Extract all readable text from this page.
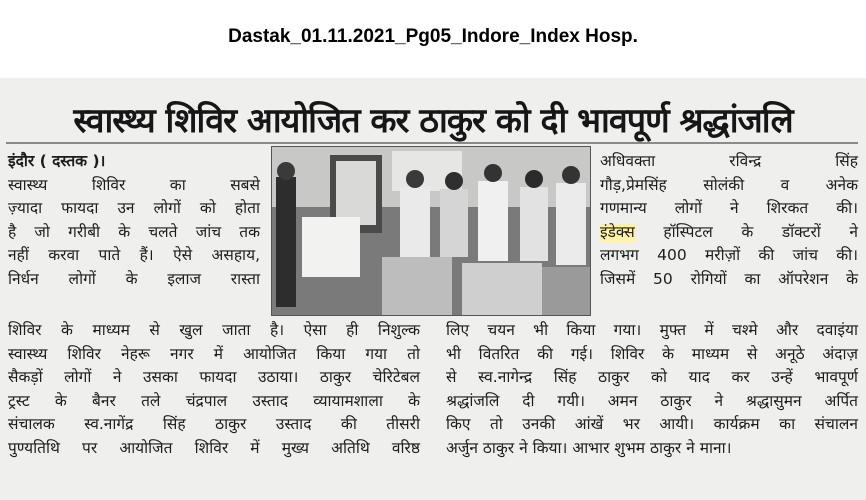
Dastak_01.11.2021_Pg05_Indore_Index Hosp.
स्वास्थ्य शिविर आयोजित कर ठाकुर को दी भावपूर्ण श्रद्धांजलि

इंदौर ( दस्तक )।

स्वास्थ्य शिविर का सबसे

ज़्यादा फायदा उन लोगों को होता

है जो गरीबी के चलते जांच तक

नहीं करवा पाते हैं। ऐसे असहाय,

निर्धन लोगों के इलाज रास्ता

अधिवक्ता रविन्द्र सिंह

गौड़,प्रेमसिंह सोलंकी व अनेक

गणमान्य लोगों ने शिरकत की।

इंडेक्स हॉस्पिटल के डॉक्टरों ने

लगभग 400 मरीज़ों की जांच की।

जिसमें 50 रोगियों का ऑपरेशन के

शिविर के माध्यम से खुल जाता है। ऐसा ही निशुल्क

स्वास्थ्य शिविर नेहरू नगर में आयोजित किया गया तो

सैकड़ों लोगों ने उसका फायदा उठाया। ठाकुर चेरिटेबल

ट्रस्ट के बैनर तले चंद्रपाल उस्ताद व्यायामशाला के

संचालक स्व.नागेंद्र सिंह ठाकुर उस्ताद की तीसरी

पुण्यतिथि पर आयोजित शिविर में मुख्य अतिथि वरिष्ठ

लिए चयन भी किया गया। मुफ्त में चश्मे और दवाइंया

भी वितरित की गई। शिविर के माध्यम से अनूठे अंदाज़

से स्व.नागेन्द्र सिंह ठाकुर को याद कर उन्हें भावपूर्ण

श्रद्धांजलि दी गयी। अमन ठाकुर ने श्रद्धासुमन अर्पित

किए तो उनकी आंखें भर आयी। कार्यक्रम का संचालन

अर्जुन ठाकुर ने किया। आभार शुभम ठाकुर ने माना।
